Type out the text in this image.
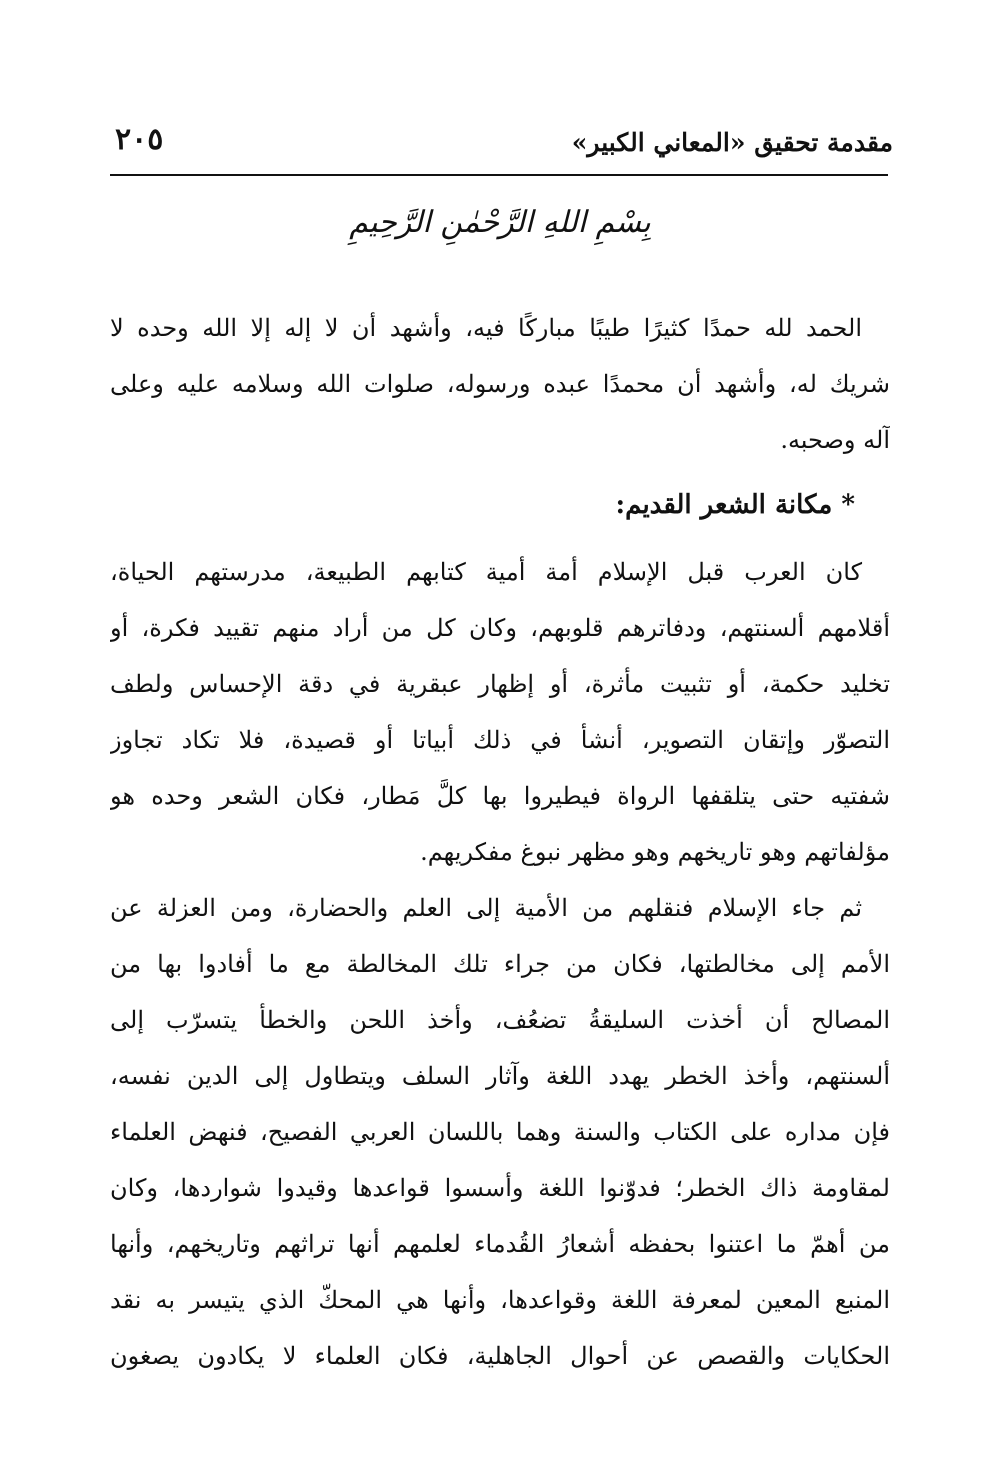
مقدمة تحقيق «المعاني الكبير»
٢٠٥
بِسْمِ اللهِ الرَّحْمٰنِ الرَّحِيمِ
الحمد لله حمدًا كثيرًا طيبًا مباركًا فيه، وأشهد أن لا إله إلا الله وحده لا
شريك له، وأشهد أن محمدًا عبده ورسوله، صلوات الله وسلامه عليه وعلى
آله وصحبه.
* مكانة الشعر القديم:
كان العرب قبل الإسلام أمة أمية كتابهم الطبيعة، مدرستهم الحياة،
أقلامهم ألسنتهم، ودفاترهم قلوبهم، وكان كل من أراد منهم تقييد فكرة، أو
تخليد حكمة، أو تثبيت مأثرة، أو إظهار عبقرية في دقة الإحساس ولطف
التصوّر وإتقان التصوير، أنشأ في ذلك أبياتا أو قصيدة، فلا تكاد تجاوز
شفتيه حتى يتلقفها الرواة فيطيروا بها كلَّ مَطار، فكان الشعر وحده هو
مؤلفاتهم وهو تاريخهم وهو مظهر نبوغ مفكريهم.
ثم جاء الإسلام فنقلهم من الأمية إلى العلم والحضارة، ومن العزلة عن
الأمم إلى مخالطتها، فكان من جراء تلك المخالطة مع ما أفادوا بها من
المصالح أن أخذت السليقةُ تضعُف، وأخذ اللحن والخطأ يتسرّب إلى
ألسنتهم، وأخذ الخطر يهدد اللغة وآثار السلف ويتطاول إلى الدين نفسه،
فإن مداره على الكتاب والسنة وهما باللسان العربي الفصيح، فنهض العلماء
لمقاومة ذاك الخطر؛ فدوّنوا اللغة وأسسوا قواعدها وقيدوا شواردها، وكان
من أهمّ ما اعتنوا بحفظه أشعارُ القُدماء لعلمهم أنها تراثهم وتاريخهم، وأنها
المنبع المعين لمعرفة اللغة وقواعدها، وأنها هي المحكّ الذي يتيسر به نقد
الحكايات والقصص عن أحوال الجاهلية، فكان العلماء لا يكادون يصغون
